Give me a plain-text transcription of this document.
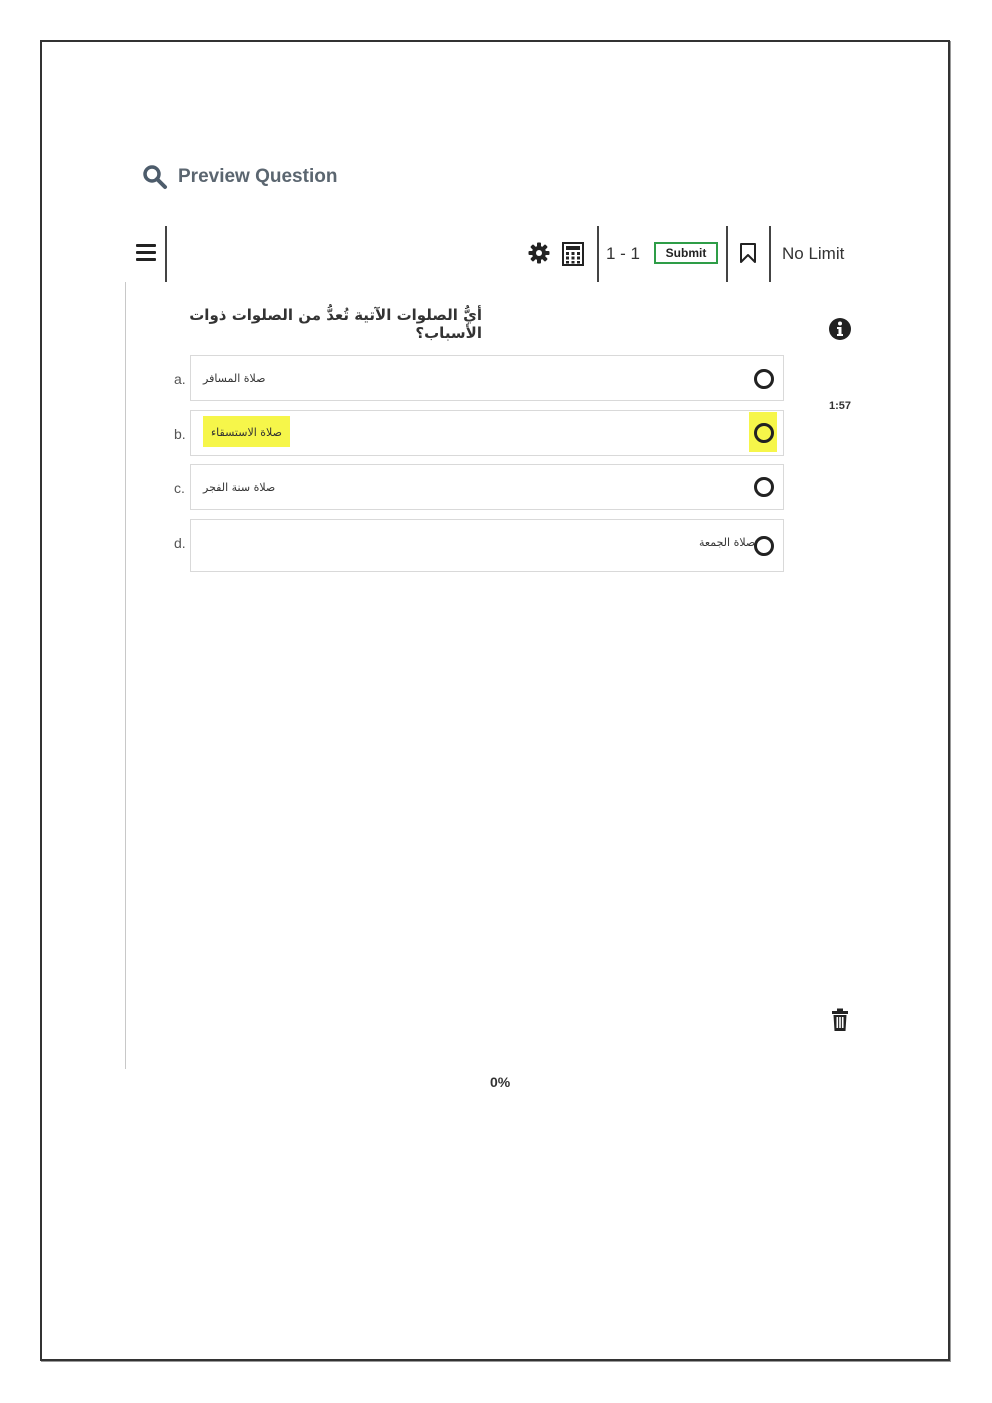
Preview Question
1 - 1	Submit	No Limit
أيُّ الصلوات الآتية تُعدُّ من الصلوات ذوات الأسباب؟
1:57
a. صلاة المسافر
b.	صلاة الاستسقاء
c. صلاة سنة الفجر
d.	صلاة الجمعة
0%
